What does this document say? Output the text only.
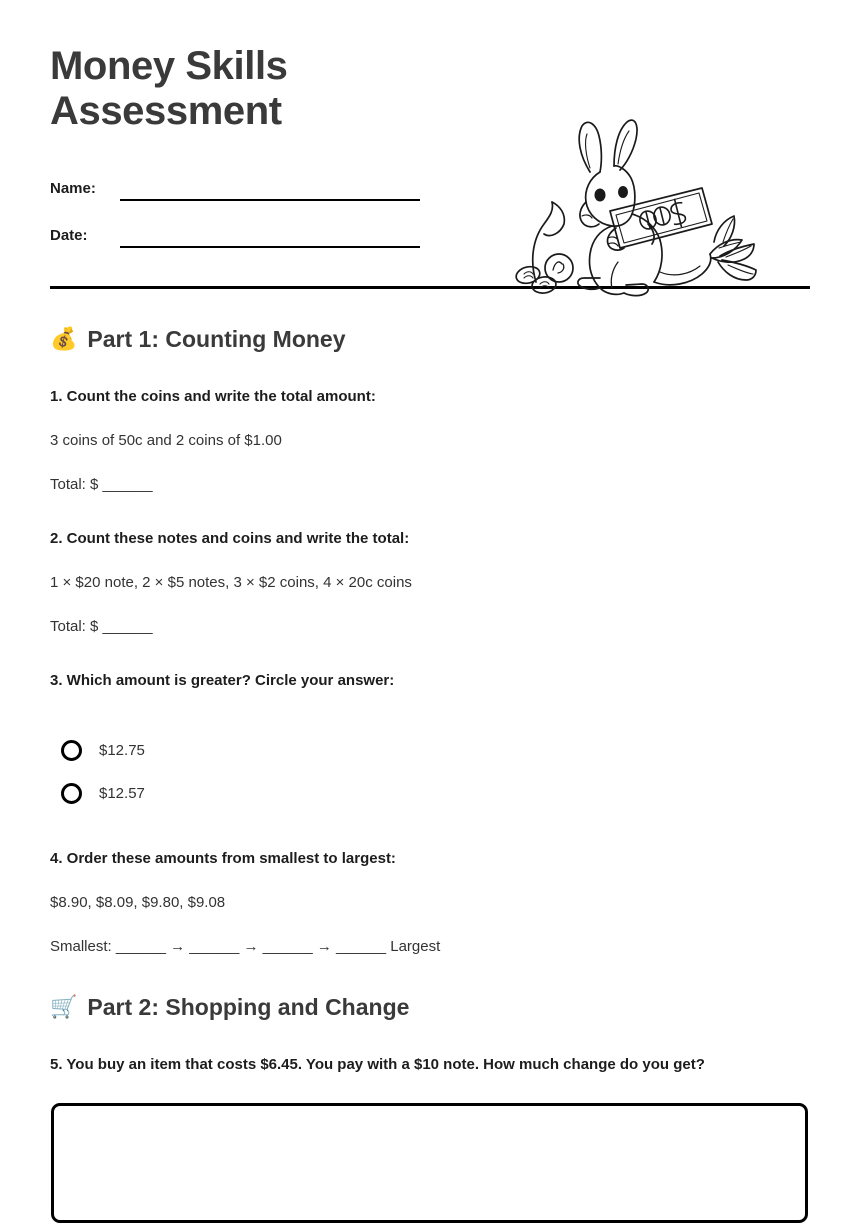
Money Skills Assessment
Name:
Date:
💰 Part 1: Counting Money

1. Count the coins and write the total amount:

3 coins of 50c and 2 coins of $1.00

Total: $ ______

2. Count these notes and coins and write the total:

1 × $20 note, 2 × $5 notes, 3 × $2 coins, 4 × 20c coins

Total: $ ______

3. Which amount is greater? Circle your answer:

$12.75
$12.57

4. Order these amounts from smallest to largest:

$8.90, $8.09, $9.80, $9.08

Smallest: ______ → ______ → ______ → ______ Largest

🛒 Part 2: Shopping and Change

5. You buy an item that costs $6.45. You pay with a $10 note. How much change do you get?
